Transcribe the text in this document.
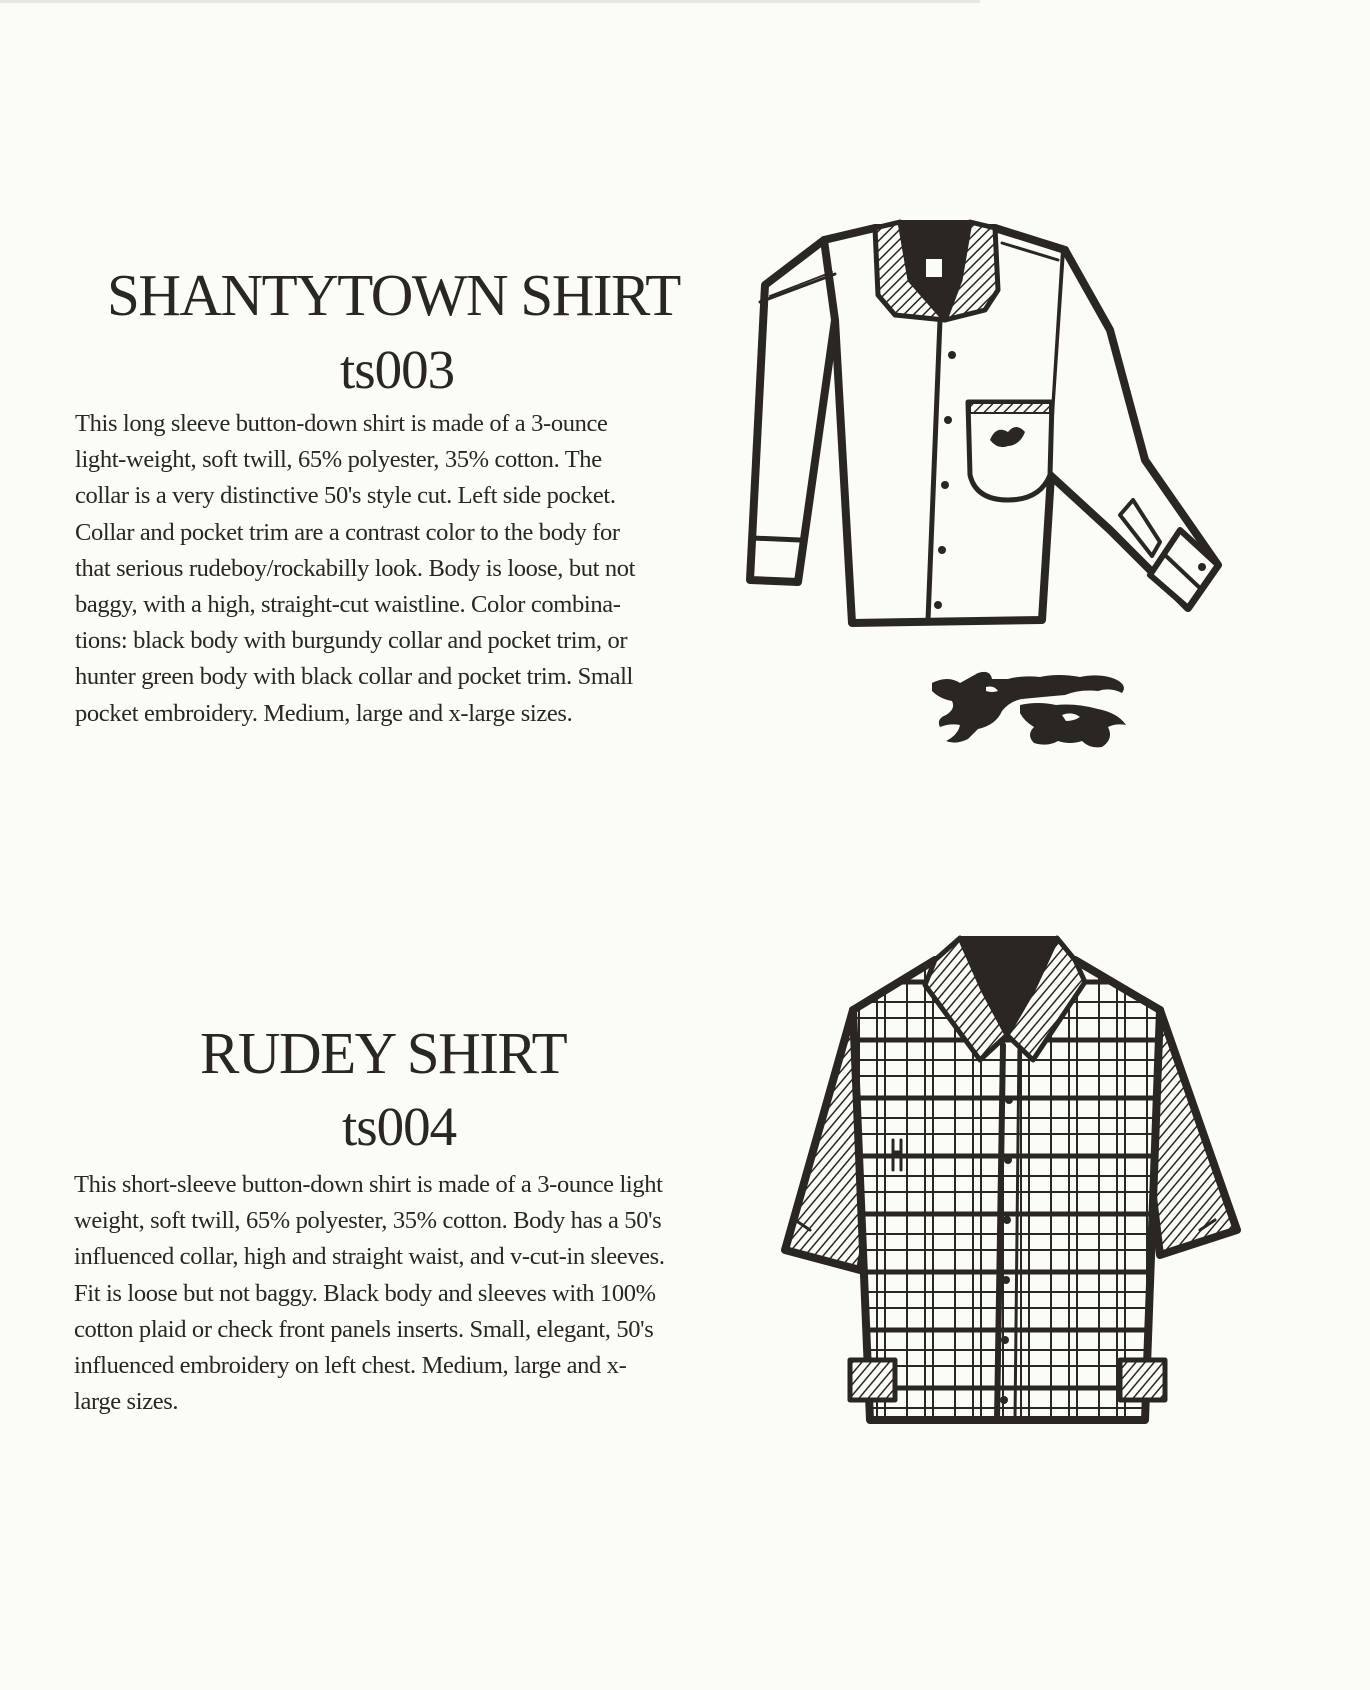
SHANTYTOWN SHIRT
ts003
This long sleeve button-down shirt is made of a 3-ounce
light-weight, soft twill, 65% polyester, 35% cotton. The
collar is a very distinctive 50's style cut. Left side pocket.
Collar and pocket trim are a contrast color to the body for
that serious rudeboy/rockabilly look. Body is loose, but not
baggy, with a high, straight-cut waistline. Color combina-
tions: black body with burgundy collar and pocket trim, or
hunter green body with black collar and pocket trim. Small
pocket embroidery. Medium, large and x-large sizes.
RUDEY SHIRT
ts004
This short-sleeve button-down shirt is made of a 3-ounce light
weight, soft twill, 65% polyester, 35% cotton. Body has a 50's
influenced collar, high and straight waist, and v-cut-in sleeves.
Fit is loose but not baggy. Black body and sleeves with 100%
cotton plaid or check front panels inserts. Small, elegant, 50's
influenced embroidery on left chest. Medium, large and x-
large sizes.
